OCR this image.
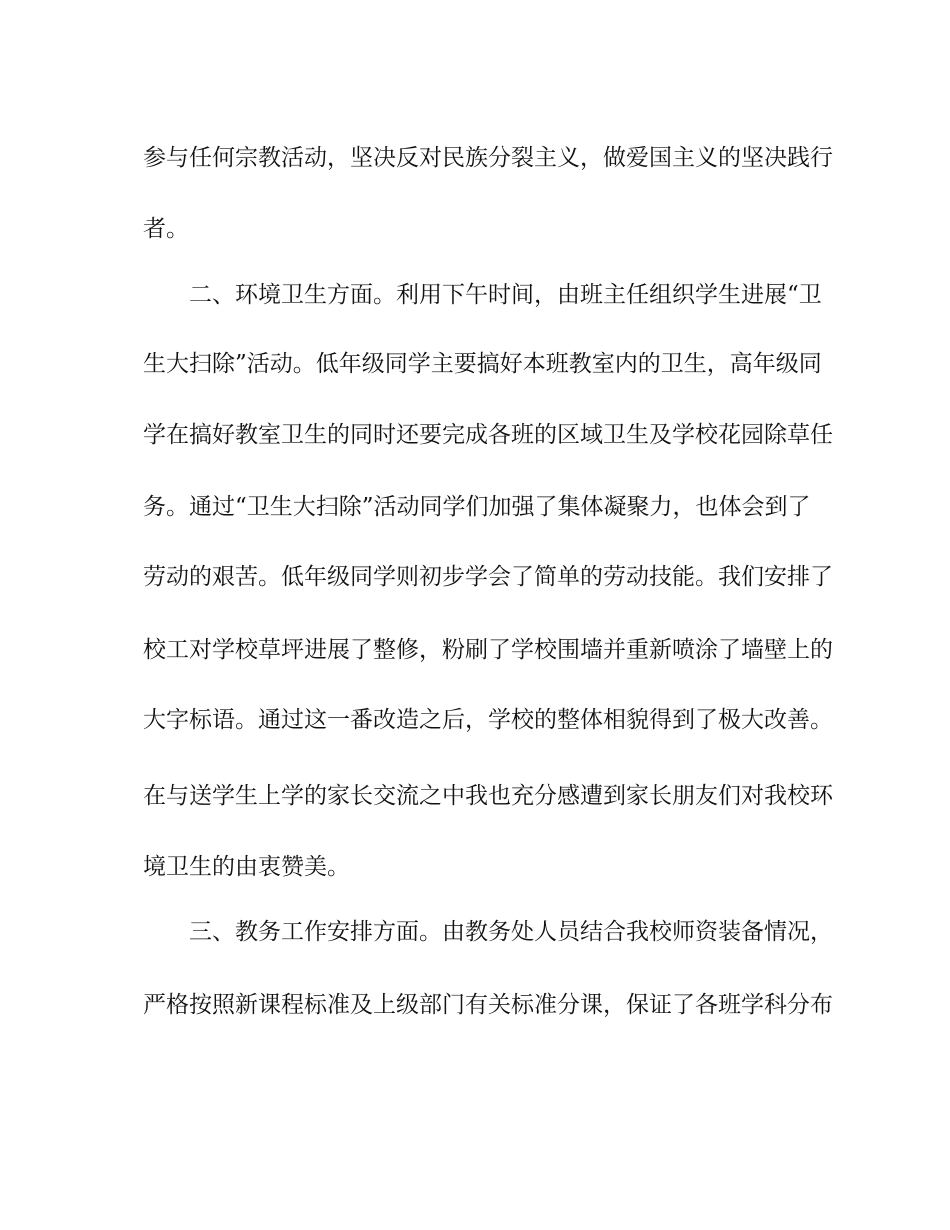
参与任何宗教活动，坚决反对民族分裂主义，做爱国主义的坚决践行
者。
二、环境卫生方面。利用下午时间，由班主任组织学生进展“卫
生大扫除”活动。低年级同学主要搞好本班教室内的卫生，高年级同
学在搞好教室卫生的同时还要完成各班的区域卫生及学校花园除草任
务。通过“卫生大扫除”活动同学们加强了集体凝聚力，也体会到了
劳动的艰苦。低年级同学则初步学会了简单的劳动技能。我们安排了
校工对学校草坪进展了整修，粉刷了学校围墙并重新喷涂了墙壁上的
大字标语。通过这一番改造之后，学校的整体相貌得到了极大改善。
在与送学生上学的家长交流之中我也充分感遭到家长朋友们对我校环
境卫生的由衷赞美。
三、教务工作安排方面。由教务处人员结合我校师资装备情况，
严格按照新课程标准及上级部门有关标准分课，保证了各班学科分布
